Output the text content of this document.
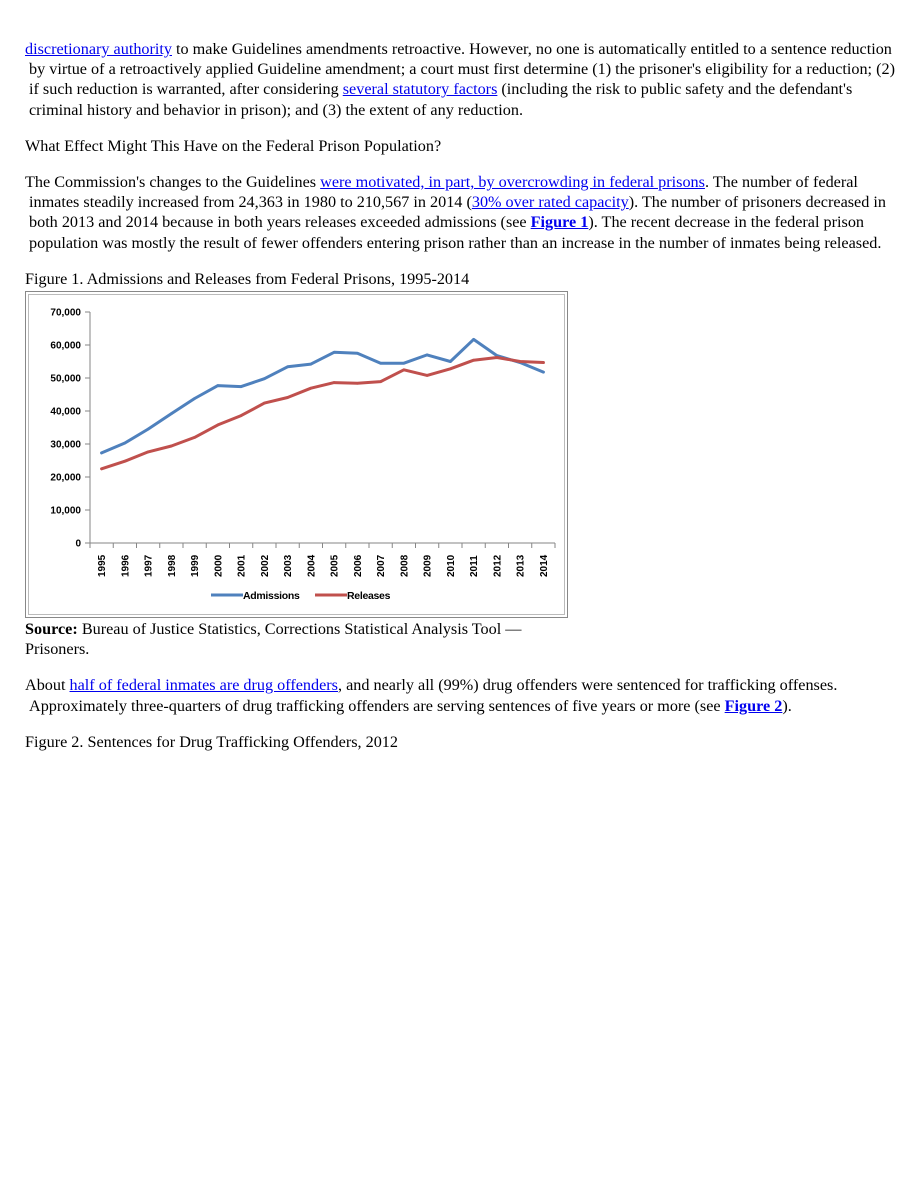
discretionary authority to make Guidelines amendments retroactive. However, no one is automatically entitled to a sentence reduction by virtue of a retroactively applied Guideline amendment; a court must first determine (1) the prisoner's eligibility for a reduction; (2) if such reduction is warranted, after considering several statutory factors (including the risk to public safety and the defendant's criminal history and behavior in prison); and (3) the extent of any reduction.

What Effect Might This Have on the Federal Prison Population?

The Commission's changes to the Guidelines were motivated, in part, by overcrowding in federal prisons. The number of federal inmates steadily increased from 24,363 in 1980 to 210,567 in 2014 (30% over rated capacity). The number of prisoners decreased in both 2013 and 2014 because in both years releases exceeded admissions (see Figure 1). The recent decrease in the federal prison population was mostly the result of fewer offenders entering prison rather than an increase in the number of inmates being released.

Figure 1. Admissions and Releases from Federal Prisons, 1995-2014
0
10,000
20,000
30,000
40,000
50,000
60,000
70,000
1995 1996 1997 1998 1999 2000 2001 2002 2003 2004 2005 2006 2007 2008 2009 2010 2011 2012 2013 2014
Admissions	Releases
Source: Bureau of Justice Statistics, Corrections Statistical Analysis Tool —Prisoners.

About half of federal inmates are drug offenders, and nearly all (99%) drug offenders were sentenced for trafficking offenses. Approximately three-quarters of drug trafficking offenders are serving sentences of five years or more (see Figure 2).

Figure 2. Sentences for Drug Trafficking Offenders, 2012
